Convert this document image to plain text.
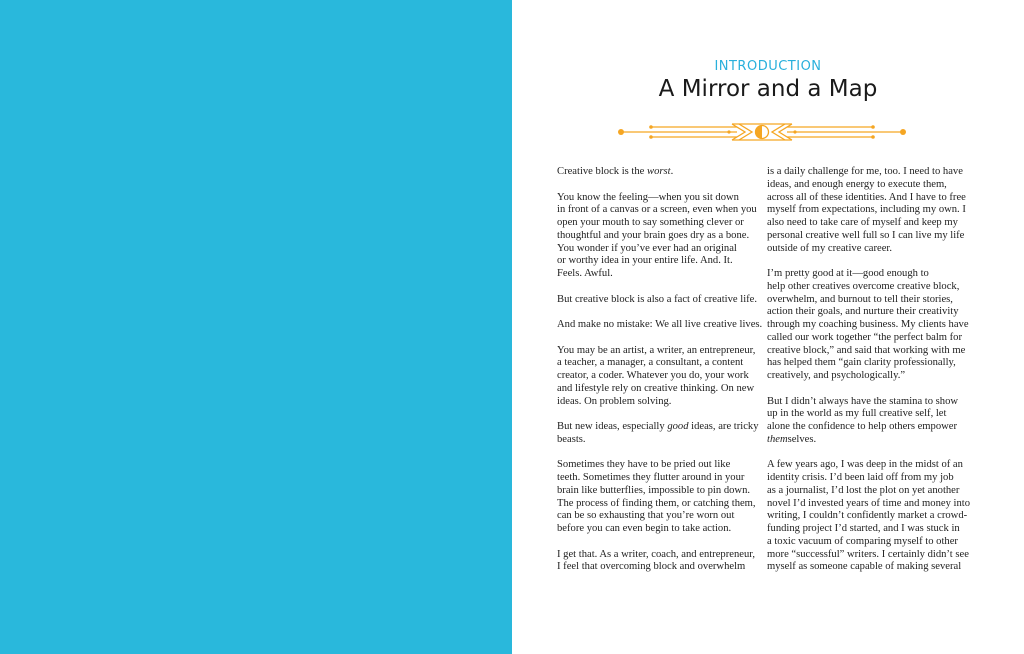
INTRODUCTION
A Mirror and a Map
Creative block is the worst.
You know the feeling—when you sit down
in front of a canvas or a screen, even when you
open your mouth to say something clever or
thoughtful and your brain goes dry as a bone.
You wonder if you’ve ever had an original
or worthy idea in your entire life. And. It.
Feels. Awful.
But creative block is also a fact of creative life.
And make no mistake: We all live creative lives.
You may be an artist, a writer, an entrepreneur,
a teacher, a manager, a consultant, a content
creator, a coder. Whatever you do, your work
and lifestyle rely on creative thinking. On new
ideas. On problem solving.
But new ideas, especially good ideas, are tricky
beasts.
Sometimes they have to be pried out like
teeth. Sometimes they flutter around in your
brain like butterflies, impossible to pin down.
The process of finding them, or catching them,
can be so exhausting that you’re worn out
before you can even begin to take action.
I get that. As a writer, coach, and entrepreneur,
I feel that overcoming block and overwhelm
is a daily challenge for me, too. I need to have
ideas, and enough energy to execute them,
across all of these identities. And I have to free
myself from expectations, including my own. I
also need to take care of myself and keep my
personal creative well full so I can live my life
outside of my creative career.
I’m pretty good at it—good enough to
help other creatives overcome creative block,
overwhelm, and burnout to tell their stories,
action their goals, and nurture their creativity
through my coaching business. My clients have
called our work together “the perfect balm for
creative block,” and said that working with me
has helped them “gain clarity professionally,
creatively, and psychologically.”
But I didn’t always have the stamina to show
up in the world as my full creative self, let
alone the confidence to help others empower
themselves.
A few years ago, I was deep in the midst of an
identity crisis. I’d been laid off from my job
as a journalist, I’d lost the plot on yet another
novel I’d invested years of time and money into
writing, I couldn’t confidently market a crowd-
funding project I’d started, and I was stuck in
a toxic vacuum of comparing myself to other
more “successful” writers. I certainly didn’t see
myself as someone capable of making several
